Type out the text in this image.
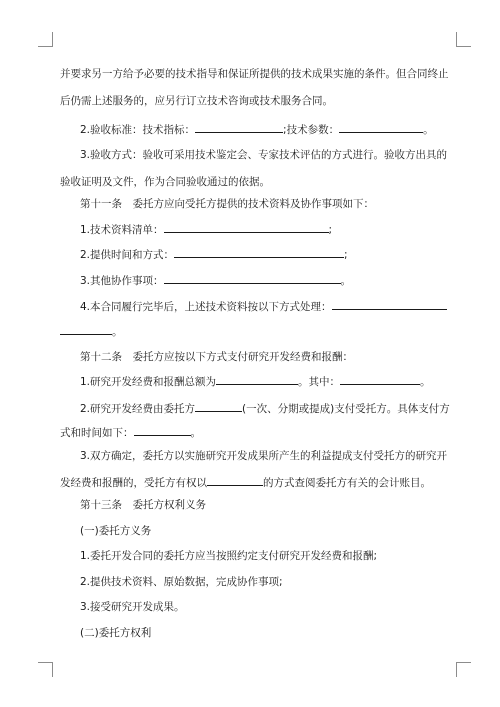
并要求另一方给予必要的技术指导和保证所提供的技术成果实施的条件。但合同终止
后仍需上述服务的，应另行订立技术咨询或技术服务合同。
2.验收标准：技术指标：	;技术参数：	。
3.验收方式：验收可采用技术鉴定会、专家技术评估的方式进行。验收方出具的
验收证明及文件，作为合同验收通过的依据。
第十一条　委托方应向受托方提供的技术资料及协作事项如下：
1.技术资料清单：	;
2.提供时间和方式：	;
3.其他协作事项：	。
4.本合同履行完毕后，上述技术资料按以下方式处理：
。
第十二条　委托方应按以下方式支付研究开发经费和报酬：
1.研究开发经费和报酬总额为	。其中：	。
2.研究开发经费由委托方	(一次、分期或提成)支付受托方。具体支付方
式和时间如下：	。
3.双方确定，委托方以实施研究开发成果所产生的利益提成支付受托方的研究开
发经费和报酬的，受托方有权以	的方式查阅委托方有关的会计账目。
第十三条　委托方权利义务
(一)委托方义务
1.委托开发合同的委托方应当按照约定支付研究开发经费和报酬;
2.提供技术资料、原始数据，完成协作事项;
3.接受研究开发成果。
(二)委托方权利
